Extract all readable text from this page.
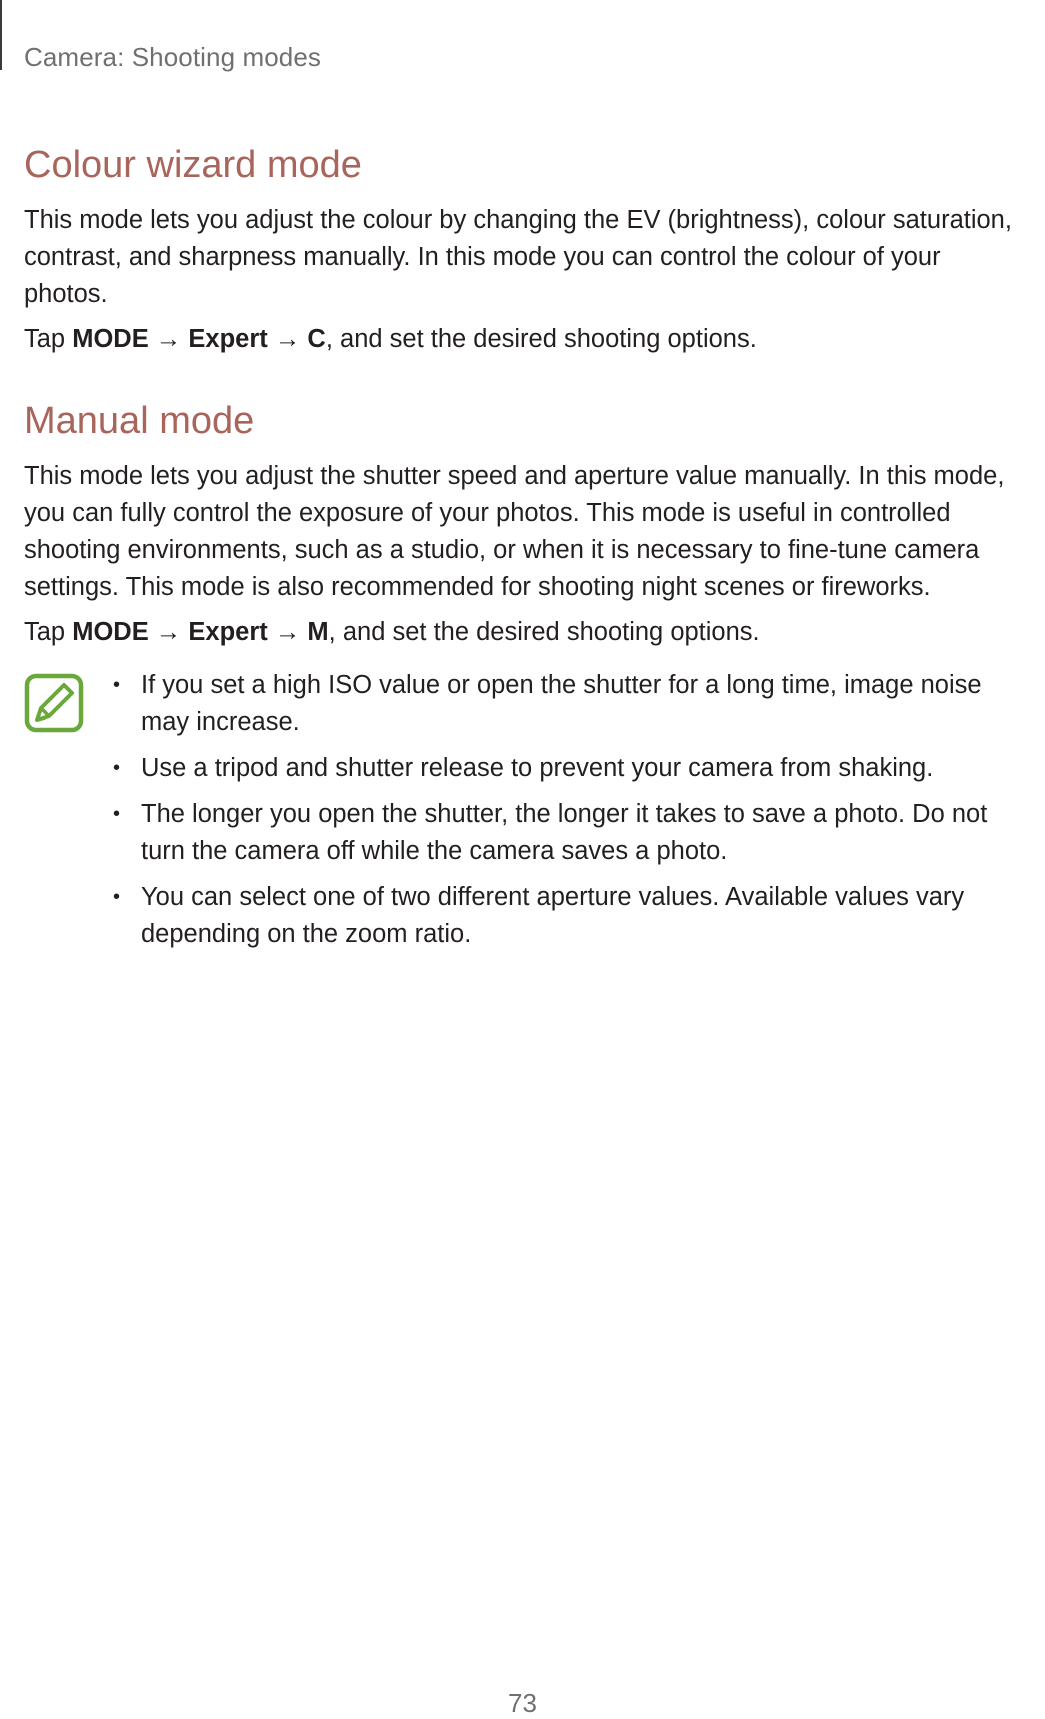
Camera: Shooting modes
Colour wizard mode

This mode lets you adjust the colour by changing the EV (brightness), colour saturation, contrast, and sharpness manually. In this mode you can control the colour of your photos.

Tap MODE → Expert → C, and set the desired shooting options.

Manual mode

This mode lets you adjust the shutter speed and aperture value manually. In this mode, you can fully control the exposure of your photos. This mode is useful in controlled shooting environments, such as a studio, or when it is necessary to fine-tune camera settings. This mode is also recommended for shooting night scenes or fireworks.

Tap MODE → Expert → M, and set the desired shooting options.

• If you set a high ISO value or open the shutter for a long time, image noise may increase.
• Use a tripod and shutter release to prevent your camera from shaking.
• The longer you open the shutter, the longer it takes to save a photo. Do not turn the camera off while the camera saves a photo.
• You can select one of two different aperture values. Available values vary depending on the zoom ratio.
73
